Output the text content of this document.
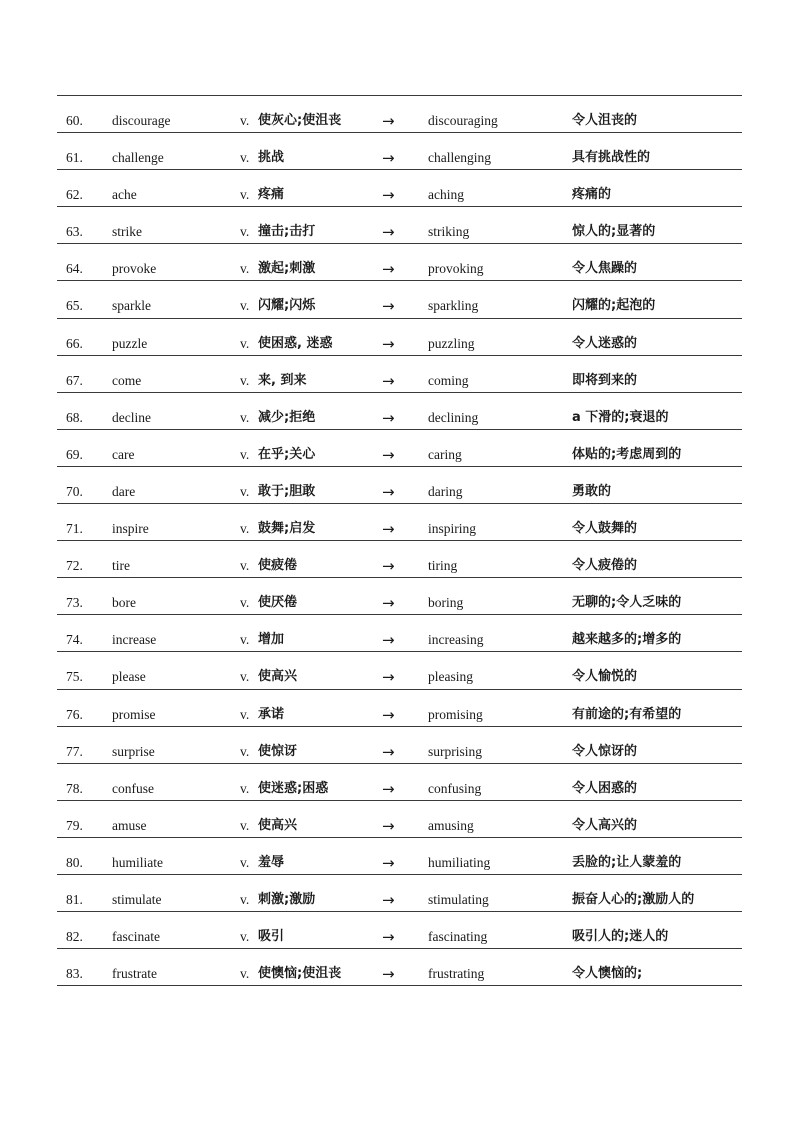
60. discourage	v. 使灰心;使沮丧	→ discouraging	令人沮丧的
61. challenge	v. 挑战	→ challenging	具有挑战性的
62. ache	v. 疼痛	→ aching	疼痛的
63. strike	v. 撞击;击打	→ striking	惊人的;显著的
64. provoke	v. 激起;刺激	→ provoking	令人焦躁的
65. sparkle	v. 闪耀;闪烁	→ sparkling	闪耀的;起泡的
66. puzzle	v. 使困惑, 迷惑	→ puzzling	令人迷惑的
67. come	v. 来, 到来	→ coming	即将到来的
68. decline	v. 减少;拒绝	→ declining	a 下滑的;衰退的
69. care	v. 在乎;关心	→ caring	体贴的;考虑周到的
70. dare	v. 敢于;胆敢	→ daring	勇敢的
71. inspire	v. 鼓舞;启发	→ inspiring	令人鼓舞的
72. tire	v. 使疲倦	→ tiring	令人疲倦的
73. bore	v. 使厌倦	→ boring	无聊的;令人乏味的
74. increase	v. 增加	→ increasing	越来越多的;增多的
75. please	v. 使高兴	→ pleasing	令人愉悦的
76. promise	v. 承诺	→ promising	有前途的;有希望的
77. surprise	v. 使惊讶	→ surprising	令人惊讶的
78. confuse	v. 使迷惑;困惑	→ confusing	令人困惑的
79. amuse	v. 使高兴	→ amusing	令人高兴的
80. humiliate	v. 羞辱	→ humiliating	丢脸的;让人蒙羞的
81. stimulate	v. 刺激;激励	→ stimulating	振奋人心的;激励人的
82. fascinate	v. 吸引	→ fascinating	吸引人的;迷人的
83. frustrate	v. 使懊恼;使沮丧	→ frustrating	令人懊恼的;
